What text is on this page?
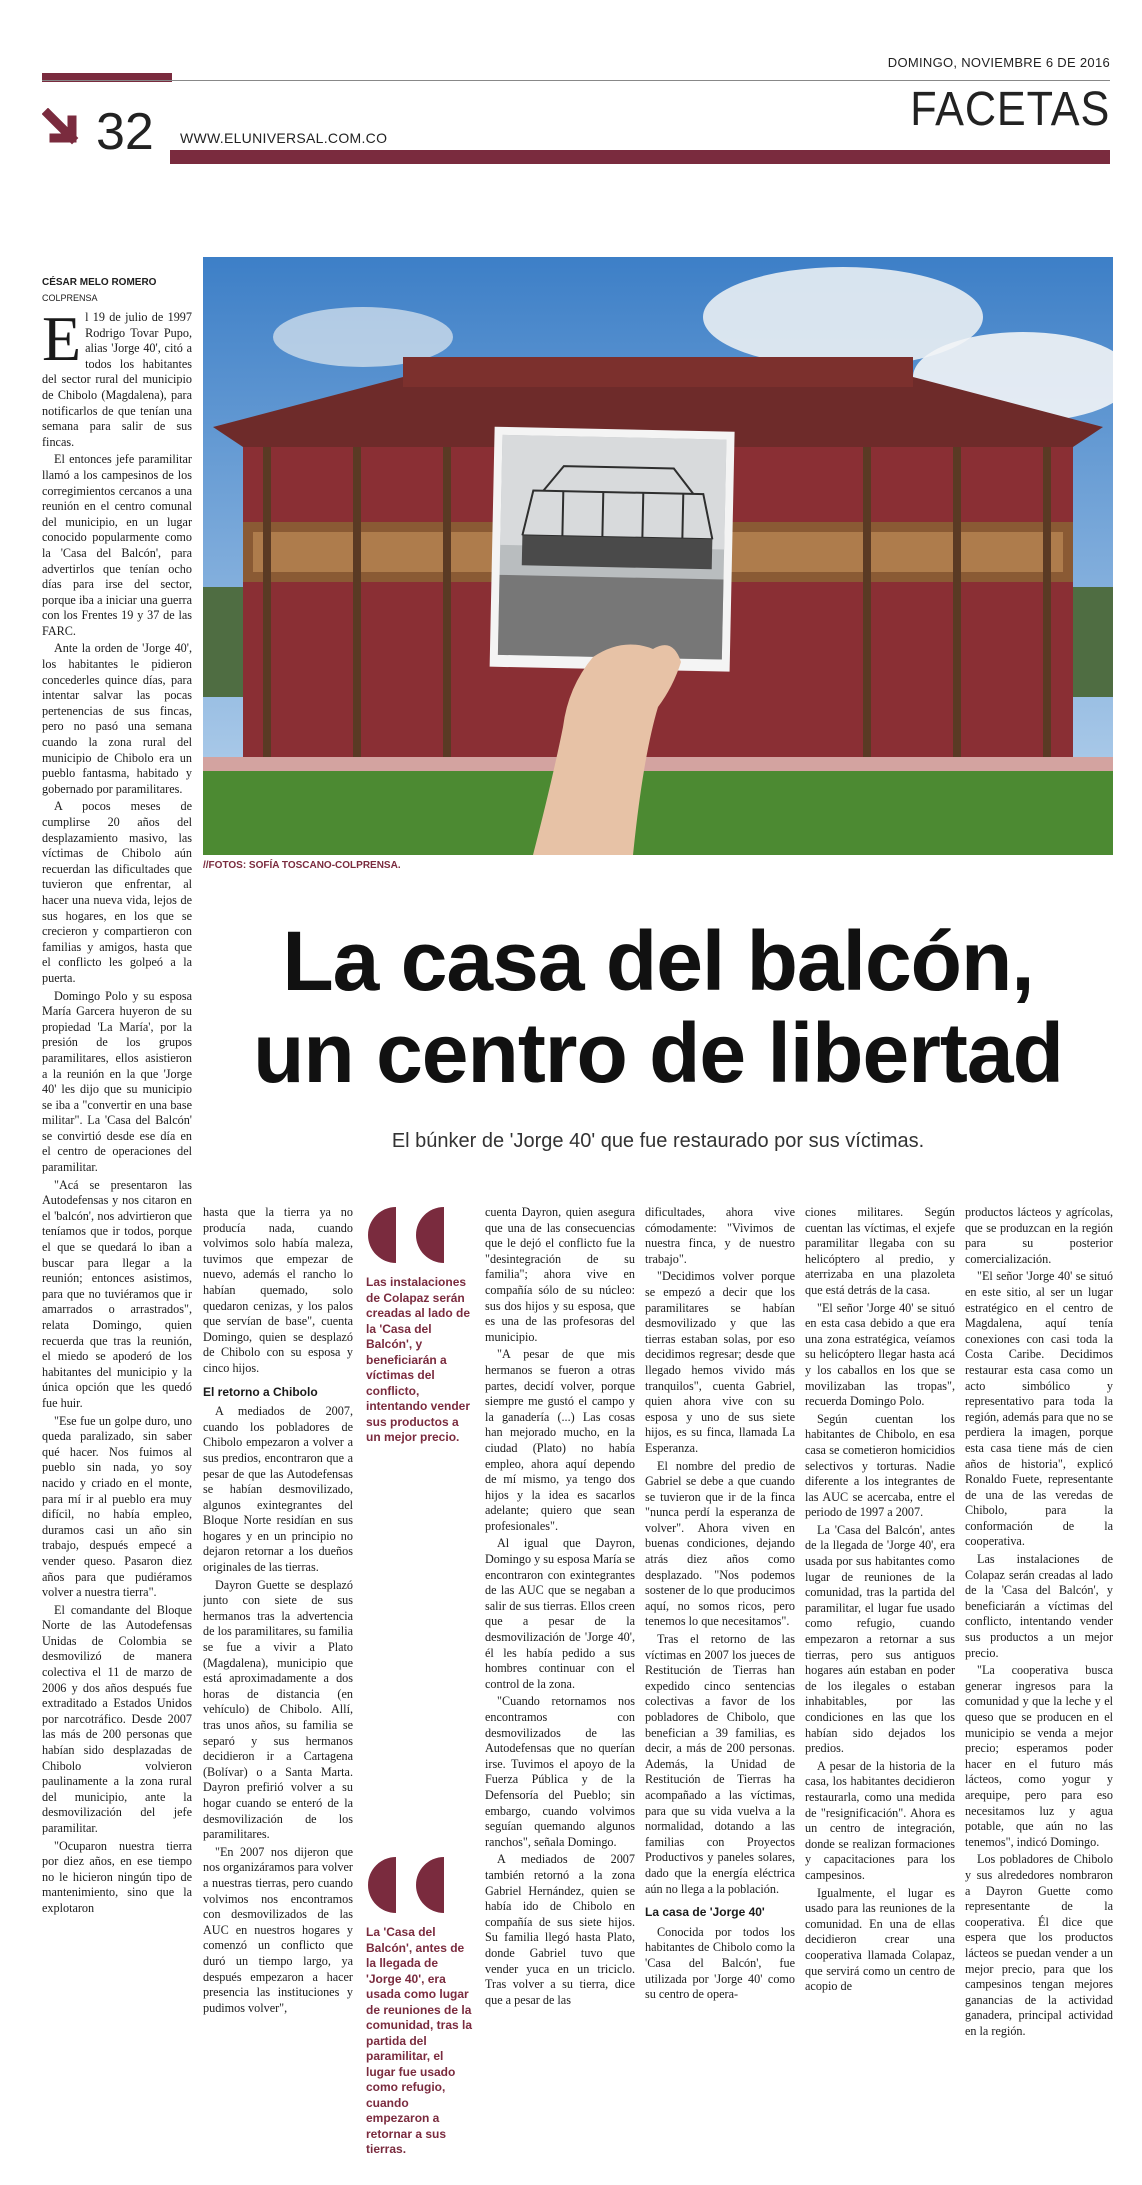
DOMINGO, NOVIEMBRE 6 DE 2016
FACETAS
32 WWW.ELUNIVERSAL.COM.CO
//FOTOS: SOFÍA TOSCANO-COLPRENSA.
La casa del balcón,
un centro de libertad
El búnker de 'Jorge 40' que fue restaurado por sus víctimas.
CÉSAR MELO ROMERO
COLPRENSA

El 19 de julio de 1997 Rodrigo Tovar Pupo, alias 'Jorge 40', citó a todos los habitantes del sector rural del municipio de Chibolo (Magdalena), para notificarlos de que tenían una semana para salir de sus fincas.

El entonces jefe paramilitar llamó a los campesinos de los corregimientos cercanos a una reunión en el centro comunal del municipio, en un lugar conocido popularmente como la 'Casa del Balcón', para advertirlos que tenían ocho días para irse del sector, porque iba a iniciar una guerra con los Frentes 19 y 37 de las FARC.

Ante la orden de 'Jorge 40', los habitantes le pidieron concederles quince días, para intentar salvar las pocas pertenencias de sus fincas, pero no pasó una semana cuando la zona rural del municipio de Chibolo era un pueblo fantasma, habitado y gobernado por paramilitares.

A pocos meses de cumplirse 20 años del desplazamiento masivo, las víctimas de Chibolo aún recuerdan las dificultades que tuvieron que enfrentar, al hacer una nueva vida, lejos de sus hogares, en los que se crecieron y compartieron con familias y amigos, hasta que el conflicto les golpeó a la puerta.

Domingo Polo y su esposa María Garcera huyeron de su propiedad 'La María', por la presión de los grupos paramilitares, ellos asistieron a la reunión en la que 'Jorge 40' les dijo que su municipio se iba a "convertir en una base militar". La 'Casa del Balcón' se convirtió desde ese día en el centro de operaciones del paramilitar.

"Acá se presentaron las Autodefensas y nos citaron en el 'balcón', nos advirtieron que teníamos que ir todos, porque el que se quedará lo iban a buscar para llegar a la reunión; entonces asistimos, para que no tuviéramos que ir amarrados o arrastrados", relata Domingo, quien recuerda que tras la reunión, el miedo se apoderó de los habitantes del municipio y la única opción que les quedó fue huir.

"Ese fue un golpe duro, uno queda paralizado, sin saber qué hacer. Nos fuimos al pueblo sin nada, yo soy nacido y criado en el monte, para mí ir al pueblo era muy difícil, no había empleo, duramos casi un año sin trabajo, después empecé a vender queso. Pasaron diez años para que pudiéramos volver a nuestra tierra".

El comandante del Bloque Norte de las Autodefensas Unidas de Colombia se desmovilizó de manera colectiva el 11 de marzo de 2006 y dos años después fue extraditado a Estados Unidos por narcotráfico. Desde 2007 las más de 200 personas que habían sido desplazadas de Chibolo volvieron paulinamente a la zona rural del municipio, ante la desmovilización del jefe paramilitar.

"Ocuparon nuestra tierra por diez años, en ese tiempo no le hicieron ningún tipo de mantenimiento, sino que la explotaron

hasta que la tierra ya no producía nada, cuando volvimos solo había maleza, tuvimos que empezar de nuevo, además el rancho lo habían quemado, solo quedaron cenizas, y los palos que servían de base", cuenta Domingo, quien se desplazó de Chibolo con su esposa y cinco hijos.

El retorno a Chibolo

A mediados de 2007, cuando los pobladores de Chibolo empezaron a volver a sus predios, encontraron que a pesar de que las Autodefensas se habían desmovilizado, algunos exintegrantes del Bloque Norte residían en sus hogares y en un principio no dejaron retornar a los dueños originales de las tierras.

Dayron Guette se desplazó junto con siete de sus hermanos tras la advertencia de los paramilitares, su familia se fue a vivir a Plato (Magdalena), municipio que está aproximadamente a dos horas de distancia (en vehículo) de Chibolo. Allí, tras unos años, su familia se separó y sus hermanos decidieron ir a Cartagena (Bolívar) o a Santa Marta. Dayron prefirió volver a su hogar cuando se enteró de la desmovilización de los paramilitares.

"En 2007 nos dijeron que nos organizáramos para volver a nuestras tierras, pero cuando volvimos nos encontramos con desmovilizados de las AUC en nuestros hogares y comenzó un conflicto que duró un tiempo largo, ya después empezaron a hacer presencia las instituciones y pudimos volver",

Las instalaciones de Colapaz serán creadas al lado de la 'Casa del Balcón', y beneficiarán a víctimas del conflicto, intentando vender sus productos a un mejor precio.
La 'Casa del Balcón', antes de la llegada de 'Jorge 40', era usada como lugar de reuniones de la comunidad, tras la partida del paramilitar, el lugar fue usado como refugio, cuando empezaron a retornar a sus tierras.

cuenta Dayron, quien asegura que una de las consecuencias que le dejó el conflicto fue la "desintegración de su familia"; ahora vive en compañía sólo de su núcleo: sus dos hijos y su esposa, que es una de las profesoras del municipio.

"A pesar de que mis hermanos se fueron a otras partes, decidí volver, porque siempre me gustó el campo y la ganadería (...) Las cosas han mejorado mucho, en la ciudad (Plato) no había empleo, ahora aquí dependo de mí mismo, ya tengo dos hijos y la idea es sacarlos adelante; quiero que sean profesionales".

Al igual que Dayron, Domingo y su esposa María se encontraron con exintegrantes de las AUC que se negaban a salir de sus tierras. Ellos creen que a pesar de la desmovilización de 'Jorge 40', él les había pedido a sus hombres continuar con el control de la zona.

"Cuando retornamos nos encontramos con desmovilizados de las Autodefensas que no querían irse. Tuvimos el apoyo de la Fuerza Pública y de la Defensoría del Pueblo; sin embargo, cuando volvimos seguían quemando algunos ranchos", señala Domingo.

A mediados de 2007 también retornó a la zona Gabriel Hernández, quien se había ido de Chibolo en compañía de sus siete hijos. Su familia llegó hasta Plato, donde Gabriel tuvo que vender yuca en un triciclo. Tras volver a su tierra, dice que a pesar de las

dificultades, ahora vive cómodamente: "Vivimos de nuestra finca, y de nuestro trabajo".

"Decidimos volver porque se empezó a decir que los paramilitares se habían desmovilizado y que las tierras estaban solas, por eso decidimos regresar; desde que llegado hemos vivido más tranquilos", cuenta Gabriel, quien ahora vive con su esposa y uno de sus siete hijos, es su finca, llamada La Esperanza.

El nombre del predio de Gabriel se debe a que cuando se tuvieron que ir de la finca "nunca perdí la esperanza de volver". Ahora viven en buenas condiciones, dejando atrás diez años como desplazado. "Nos podemos sostener de lo que producimos aquí, no somos ricos, pero tenemos lo que necesitamos".

Tras el retorno de las víctimas en 2007 los jueces de Restitución de Tierras han expedido cinco sentencias colectivas a favor de los pobladores de Chibolo, que benefician a 39 familias, es decir, a más de 200 personas. Además, la Unidad de Restitución de Tierras ha acompañado a las víctimas, para que su vida vuelva a la normalidad, dotando a las familias con Proyectos Productivos y paneles solares, dado que la energía eléctrica aún no llega a la población.

La casa de 'Jorge 40'

Conocida por todos los habitantes de Chibolo como la 'Casa del Balcón', fue utilizada por 'Jorge 40' como su centro de opera-

ciones militares. Según cuentan las víctimas, el exjefe paramilitar llegaba con su helicóptero al predio, y aterrizaba en una plazoleta que está detrás de la casa.

"El señor 'Jorge 40' se situó en esta casa debido a que era una zona estratégica, veíamos su helicóptero llegar hasta acá y los caballos en los que se movilizaban las tropas", recuerda Domingo Polo.

Según cuentan los habitantes de Chibolo, en esa casa se cometieron homicidios selectivos y torturas. Nadie diferente a los integrantes de las AUC se acercaba, entre el periodo de 1997 a 2007.

La 'Casa del Balcón', antes de la llegada de 'Jorge 40', era usada por sus habitantes como lugar de reuniones de la comunidad, tras la partida del paramilitar, el lugar fue usado como refugio, cuando empezaron a retornar a sus tierras, pero sus antiguos hogares aún estaban en poder de los ilegales o estaban inhabitables, por las condiciones en las que los habían sido dejados los predios.

A pesar de la historia de la casa, los habitantes decidieron restaurarla, como una medida de "resignificación". Ahora es un centro de integración, donde se realizan formaciones y capacitaciones para los campesinos.

Igualmente, el lugar es usado para las reuniones de la comunidad. En una de ellas decidieron crear una cooperativa llamada Colapaz, que servirá como un centro de acopio de

productos lácteos y agrícolas, que se produzcan en la región para su posterior comercialización.

"El señor 'Jorge 40' se situó en este sitio, al ser un lugar estratégico en el centro de Magdalena, aquí tenía conexiones con casi toda la Costa Caribe. Decidimos restaurar esta casa como un acto simbólico y representativo para toda la región, además para que no se perdiera la imagen, porque esta casa tiene más de cien años de historia", explicó Ronaldo Fuete, representante de una de las veredas de Chibolo, para la conformación de la cooperativa.

Las instalaciones de Colapaz serán creadas al lado de la 'Casa del Balcón', y beneficiarán a víctimas del conflicto, intentando vender sus productos a un mejor precio.

"La cooperativa busca generar ingresos para la comunidad y que la leche y el queso que se producen en el municipio se venda a mejor precio; esperamos poder hacer en el futuro más lácteos, como yogur y arequipe, pero para eso necesitamos luz y agua potable, que aún no las tenemos", indicó Domingo.

Los pobladores de Chibolo y sus alrededores nombraron a Dayron Guette como representante de la cooperativa. Él dice que espera que los productos lácteos se puedan vender a un mejor precio, para que los campesinos tengan mejores ganancias de la actividad ganadera, principal actividad en la región.
